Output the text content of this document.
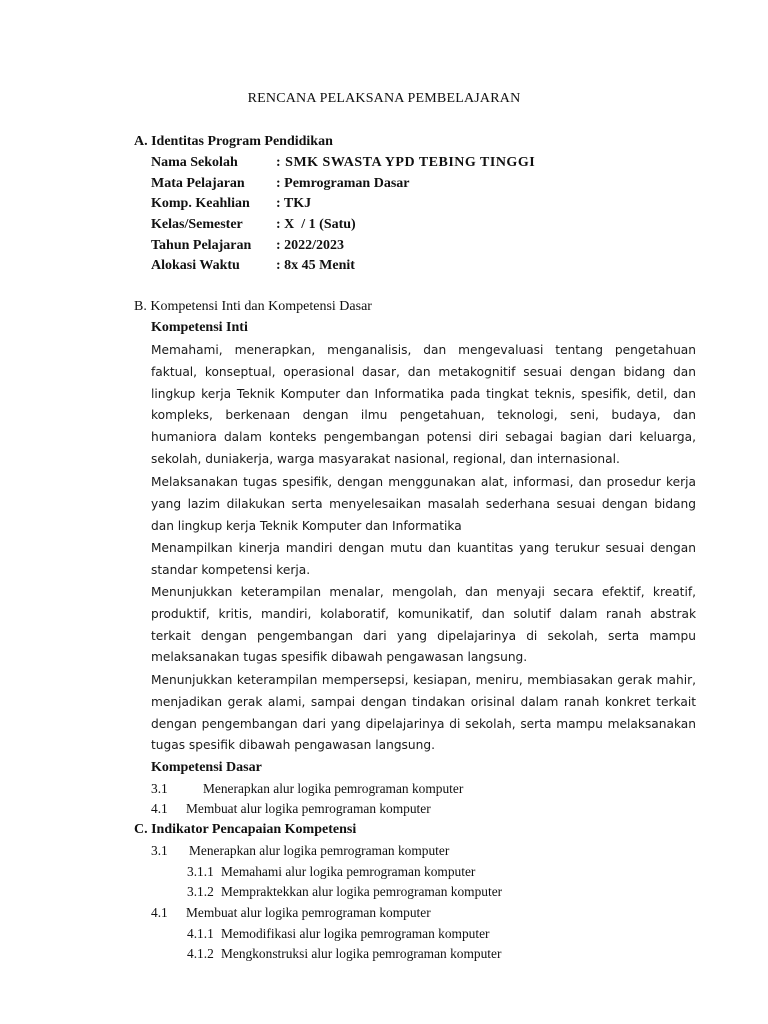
RENCANA PELAKSANA PEMBELAJARAN
A. Identitas Program Pendidikan
Nama Sekolah	: SMK SWASTA YPD TEBING TINGGI
Mata Pelajaran : Pemrograman Dasar
Komp. Keahlian : TKJ
Kelas/Semester : X  / 1 (Satu)
Tahun Pelajaran : 2022/2023
Alokasi Waktu	: 8x 45 Menit
B. Kompetensi Inti dan Kompetensi Dasar
Kompetensi Inti
Memahami, menerapkan, menganalisis, dan mengevaluasi tentang pengetahuan faktual, konseptual, operasional dasar, dan metakognitif sesuai dengan bidang dan lingkup kerja Teknik Komputer dan Informatika pada tingkat teknis, spesifik, detil, dan kompleks, berkenaan dengan ilmu pengetahuan, teknologi, seni, budaya, dan humaniora dalam konteks pengembangan potensi diri sebagai bagian dari keluarga, sekolah, duniakerja, warga masyarakat nasional, regional, dan internasional.
Melaksanakan tugas spesifik, dengan menggunakan alat, informasi, dan prosedur kerja yang lazim dilakukan serta menyelesaikan masalah sederhana sesuai dengan bidang dan lingkup kerja Teknik Komputer dan Informatika
Menampilkan kinerja mandiri dengan mutu dan kuantitas yang terukur sesuai dengan standar kompetensi kerja.
Menunjukkan keterampilan menalar, mengolah, dan menyaji secara efektif, kreatif, produktif, kritis, mandiri, kolaboratif, komunikatif, dan solutif dalam ranah abstrak terkait dengan pengembangan dari yang dipelajarinya di sekolah, serta mampu melaksanakan tugas spesifik dibawah pengawasan langsung.
Menunjukkan keterampilan mempersepsi, kesiapan, meniru, membiasakan gerak mahir, menjadikan gerak alami, sampai dengan tindakan orisinal dalam ranah konkret terkait dengan pengembangan dari yang dipelajarinya di sekolah, serta mampu melaksanakan tugas spesifik dibawah pengawasan langsung.
Kompetensi Dasar
3.1	Menerapkan alur logika pemrograman komputer
4.1 Membuat alur logika pemrograman komputer
C. Indikator Pencapaian Kompetensi
3.1 Menerapkan alur logika pemrograman komputer
3.1.1 Memahami alur logika pemrograman komputer
3.1.2 Mempraktekkan alur logika pemrograman komputer
4.1 Membuat alur logika pemrograman komputer
4.1.1 Memodifikasi alur logika pemrograman komputer
4.1.2 Mengkonstruksi alur logika pemrograman komputer
